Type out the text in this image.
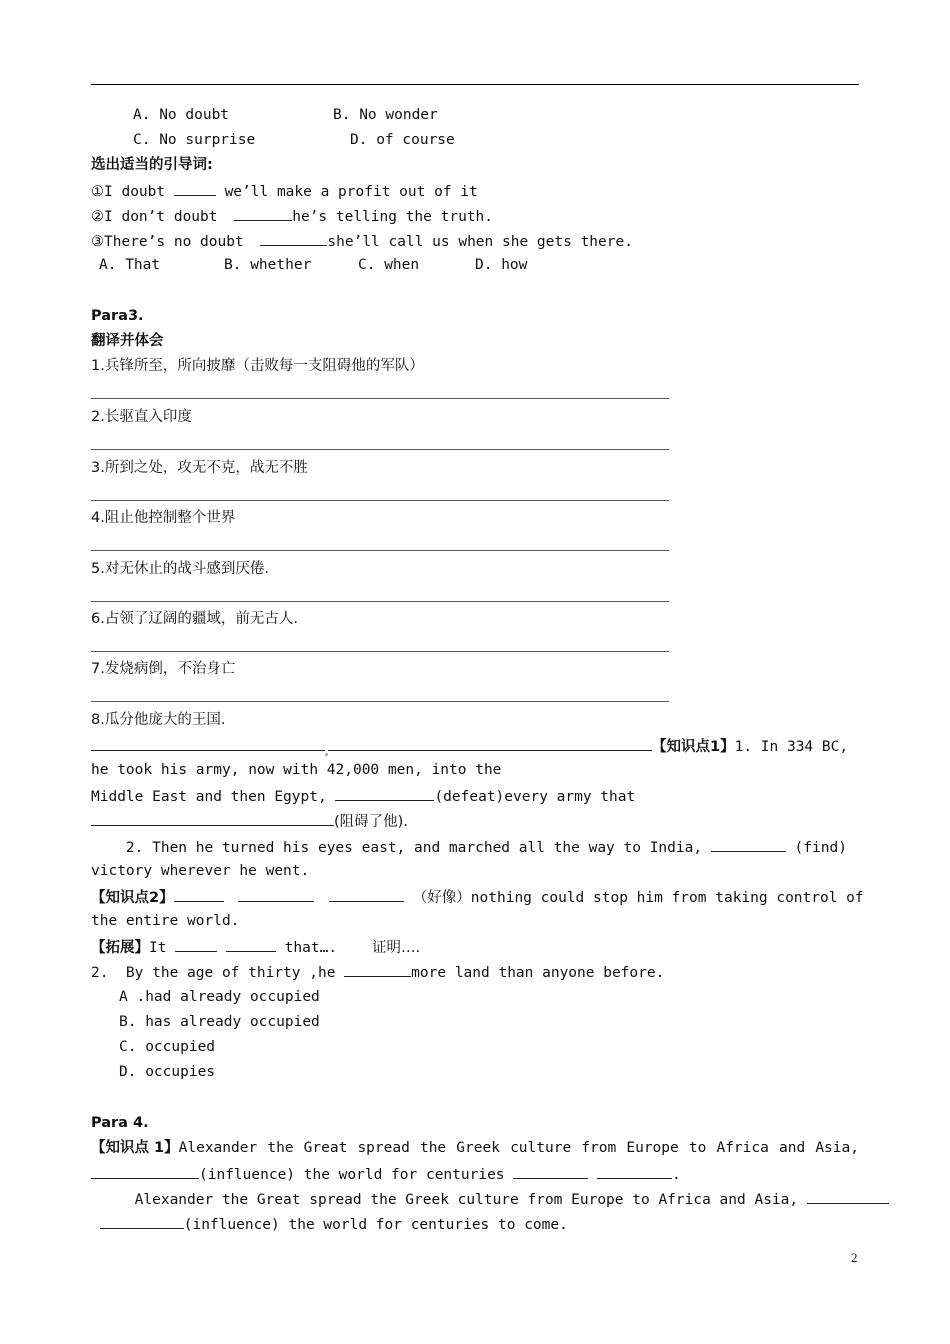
A. No doubt	B. No wonder
C. No surprise	D. of course
选出适当的引导词:
①I doubt	we’ll make a profit out of it
②I don’t doubt	he’s telling the truth.
③There’s no doubt	she’ll call us when she gets there.
A. That	B. whether	C. when	D. how
Para3.
翻译并体会
1.兵锋所至，所向披靡（击败每一支阻碍他的军队）
2.长驱直入印度
3.所到之处，攻无不克，战无不胜
4.阻止他控制整个世界
5.对无休止的战斗感到厌倦.
6.占领了辽阔的疆域，前无古人.
7.发烧病倒，不治身亡
8.瓜分他庞大的王国.
【知识点1】1. In 334 BC,
he took his army, now with 42,000 men, into the
Middle East and then Egypt,	(defeat)every army that
(阻碍了他).
2. Then he turned his eyes east, and marched all the way to India,	(find)
victory wherever he went.
【知识点2】	（好像）nothing could stop him from taking control of
the entire world.
【拓展】It	that…. 证明….
2.  By the age of thirty ,he	more land than anyone before.
A .had already occupied
B. has already occupied
C. occupied
D. occupies
Para 4.
【知识点 1】Alexander the Great spread the Greek culture from Europe to Africa and Asia,
(influence) the world for centuries	.
Alexander the Great spread the Greek culture from Europe to Africa and Asia,
(influence) the world for centuries to come.
2
